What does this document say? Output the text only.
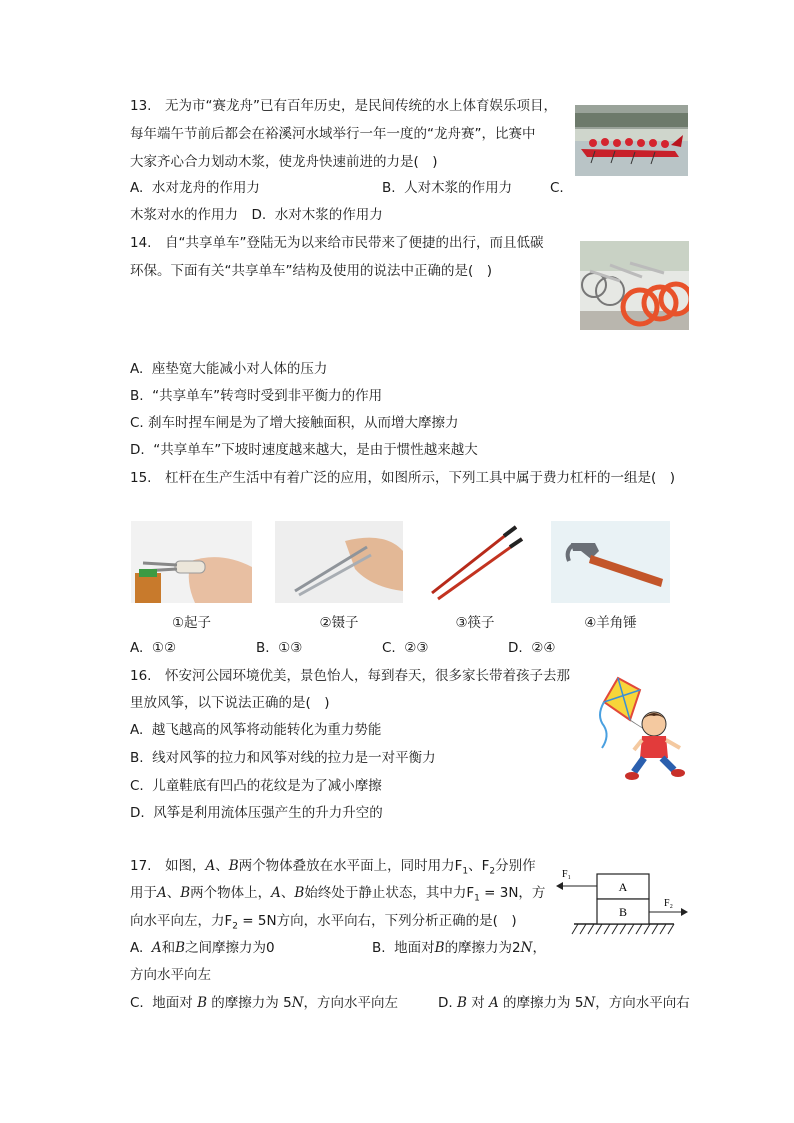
13.　无为市“赛龙舟”已有百年历史，是民间传统的水上体育娱乐项目，
每年端午节前后都会在裕溪河水域举行一年一度的“龙舟赛”，比赛中
大家齐心合力划动木浆，使龙舟快速前进的力是(　)
A.  水对龙舟的作用力	B.  人对木浆的作用力	C.
木浆对水的作用力　D.  水对木浆的作用力
14.　自“共享单车”登陆无为以来给市民带来了便捷的出行，而且低碳
环保。下面有关“共享单车”结构及使用的说法中正确的是(　)
A.  座垫宽大能减小对人体的压力
B.  “共享单车”转弯时受到非平衡力的作用
C. 刹车时捏车闸是为了增大接触面积，从而增大摩擦力
D.  “共享单车”下坡时速度越来越大，是由于惯性越来越大
15.　杠杆在生产生活中有着广泛的应用，如图所示，下列工具中属于费力杠杆的一组是(　)
①起子	②镊子	③筷子	④羊角锤
A.  ①②	B.  ①③	C.  ②③	D.  ②④
16.　怀安河公园环境优美，景色怡人，每到春天，很多家长带着孩子去那
里放风筝，以下说法正确的是(　)
A.  越飞越高的风筝将动能转化为重力势能
B.  线对风筝的拉力和风筝对线的拉力是一对平衡力
C.  儿童鞋底有凹凸的花纹是为了减小摩擦
D.  风筝是利用流体压强产生的升力升空的
17.　如图，A、B两个物体叠放在水平面上，同时用力$F_1$、$F_2$分别作
用于A、B两个物体上，A、B始终处于静止状态，其中力$F_1 = 3N$，方
向水平向左，力$F_2 = 5N$方向，水平向右，下列分析正确的是(　)
A.  A和B之间摩擦力为0	B.  地面对B的摩擦力为2N，
方向水平向左
C.  地面对 B 的摩擦力为 5N，方向水平向左	D. B 对 A 的摩擦力为 5N，方向水平向右
A
B
F₁
F₂
